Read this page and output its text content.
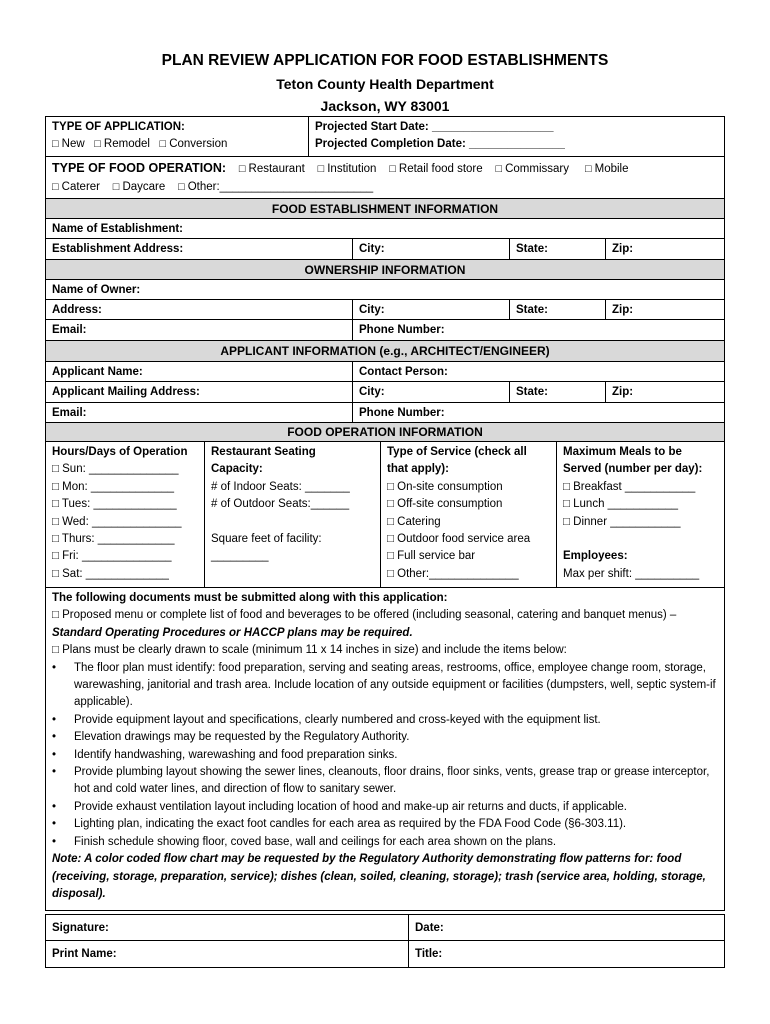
PLAN REVIEW APPLICATION FOR FOOD ESTABLISHMENTS
Teton County Health Department
Jackson, WY 83001
TYPE OF APPLICATION:
□ New □ Remodel □ Conversion
Projected Start Date: ___________________
Projected Completion Date: _______________
TYPE OF FOOD OPERATION: □ Restaurant □ Institution □ Retail food store □ Commissary □ Mobile
□ Caterer □ Daycare □ Other:________________________
FOOD ESTABLISHMENT INFORMATION
Name of Establishment:
Establishment Address:	City:	State:	Zip:
OWNERSHIP INFORMATION
Name of Owner:
Address:	City:	State:	Zip:
Email:	Phone Number:
APPLICANT INFORMATION (e.g., ARCHITECT/ENGINEER)
Applicant Name:	Contact Person:
Applicant Mailing Address:	City:	State:	Zip:
Email:	Phone Number:
FOOD OPERATION INFORMATION
Hours/Days of Operation
□ Sun: ______________
□ Mon: _____________
□ Tues: _____________
□ Wed: ______________
□ Thurs: ____________
□ Fri: ______________
□ Sat: _____________
Restaurant Seating
Capacity:
# of Indoor Seats: _______
# of Outdoor Seats:______
Square feet of facility:
_________
Type of Service (check all
that apply):
□ On-site consumption
□ Off-site consumption
□ Catering
□ Outdoor food service area
□ Full service bar
□ Other:______________
Maximum Meals to be
Served (number per day):
□ Breakfast ___________
□ Lunch ___________
□ Dinner ___________
Employees:
Max per shift: __________
The following documents must be submitted along with this application:
□ Proposed menu or complete list of food and beverages to be offered (including seasonal, catering and banquet menus) – Standard Operating Procedures or HACCP plans may be required.
□ Plans must be clearly drawn to scale (minimum 11 x 14 inches in size) and include the items below:
•	The floor plan must identify: food preparation, serving and seating areas, restrooms, office, employee change room, storage, warewashing, janitorial and trash area. Include location of any outside equipment or facilities (dumpsters, well, septic system-if applicable).
•	Provide equipment layout and specifications, clearly numbered and cross-keyed with the equipment list.
•	Elevation drawings may be requested by the Regulatory Authority.
•	Identify handwashing, warewashing and food preparation sinks.
•	Provide plumbing layout showing the sewer lines, cleanouts, floor drains, floor sinks, vents, grease trap or grease interceptor, hot and cold water lines, and direction of flow to sanitary sewer.
•	Provide exhaust ventilation layout including location of hood and make-up air returns and ducts, if applicable.
•	Lighting plan, indicating the exact foot candles for each area as required by the FDA Food Code (§6-303.11).
•	Finish schedule showing floor, coved base, wall and ceilings for each area shown on the plans.
Note: A color coded flow chart may be requested by the Regulatory Authority demonstrating flow patterns for: food (receiving, storage, preparation, service); dishes (clean, soiled, cleaning, storage); trash (service area, holding, storage, disposal).
Signature:	Date:
Print Name:	Title:
